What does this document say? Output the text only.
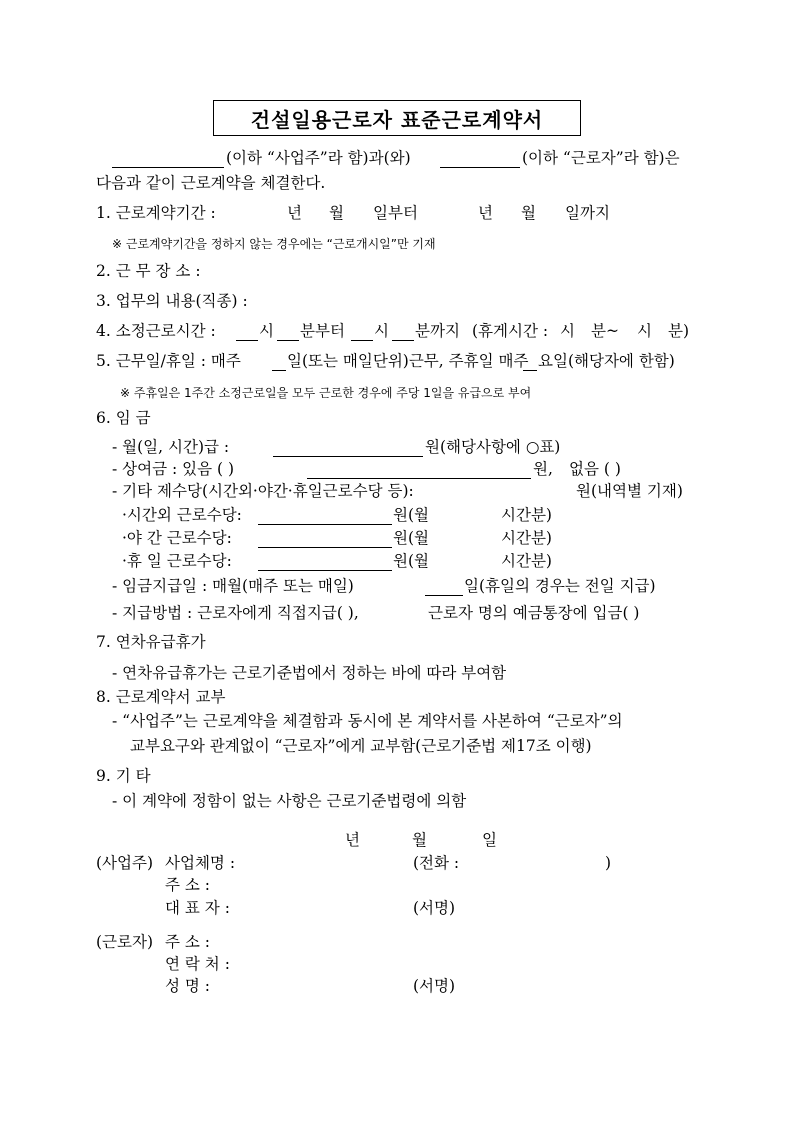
건설일용근로자 표준근로계약서
(이하 “사업주”라 함)과(와)	(이하 “근로자”라 함)은
다음과 같이 근로계약을 체결한다.
1. 근로계약기간 :	년 월 일부터	년 월 일까지
※ 근로계약기간을 정하지 않는 경우에는 “근로개시일”만 기재
2. 근 무 장 소 :
3. 업무의 내용(직종) :
4. 소정근로시간 :	시 분부터 시 분까지 (휴게시간 : 시 분~ 시 분)
5. 근무일/휴일 : 매주	일(또는 매일단위)근무, 주휴일 매주 요일(해당자에 한함)
※ 주휴일은 1주간 소정근로일을 모두 근로한 경우에 주당 1일을 유급으로 부여
6. 임 금
- 월(일, 시간)급 :	원(해당사항에 ○표)
- 상여금 : 있음 ( )	원, 없음 ( )
- 기타 제수당(시간외·야간·휴일근로수당 등):	원(내역별 기재)
·시간외 근로수당:	원(월	시간분)
·야 간 근로수당:	원(월	시간분)
·휴 일 근로수당:	원(월	시간분)
- 임금지급일 : 매월(매주 또는 매일)	일(휴일의 경우는 전일 지급)
- 지급방법 : 근로자에게 직접지급( ),	근로자 명의 예금통장에 입금( )
7. 연차유급휴가
- 연차유급휴가는 근로기준법에서 정하는 바에 따라 부여함
8. 근로계약서 교부
- “사업주”는 근로계약을 체결함과 동시에 본 계약서를 사본하여 “근로자”의
교부요구와 관계없이 “근로자”에게 교부함(근로기준법 제17조 이행)
9. 기 타
- 이 계약에 정함이 없는 사항은 근로기준법령에 의함
년	월	일
(사업주) 사업체명 :	(전화 :	)
주 소 :
대 표 자 :	(서명)
(근로자) 주 소 :
연 락 처 :
성 명 :	(서명)
